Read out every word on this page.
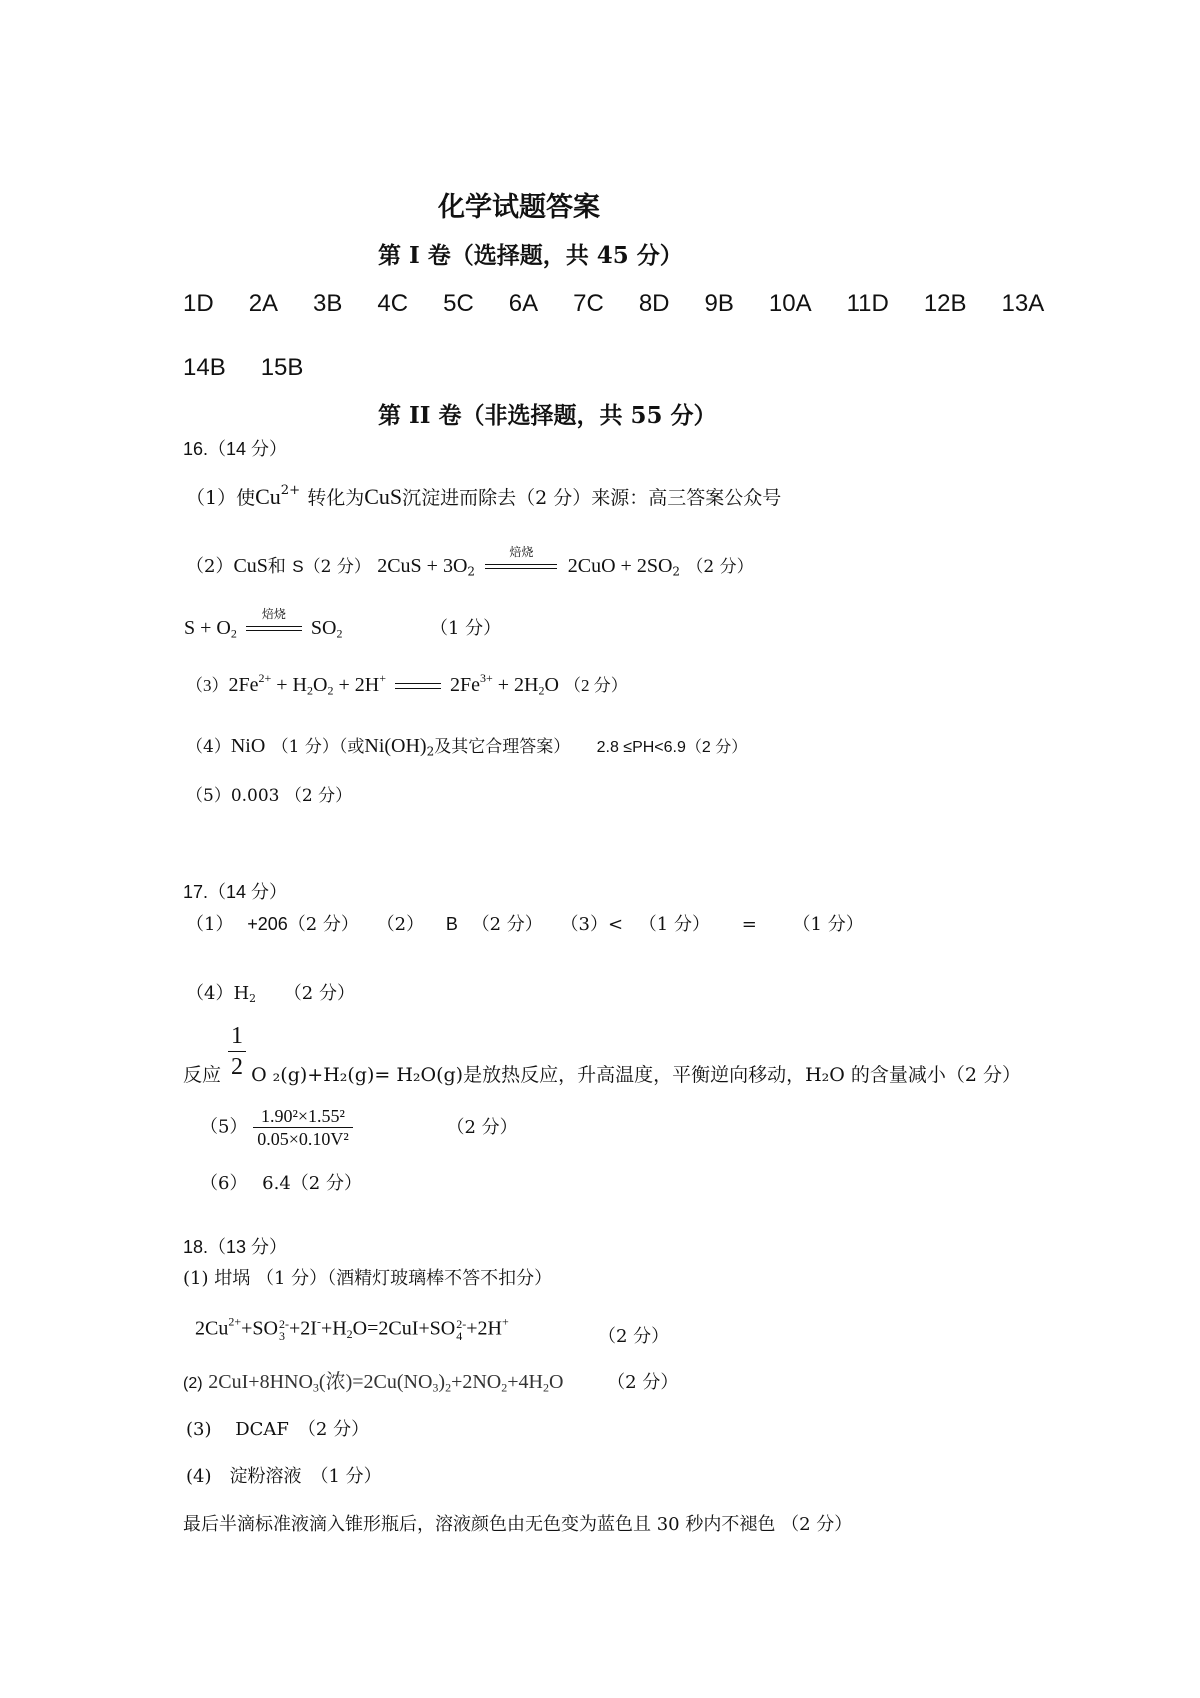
化学试题答案
第 I 卷（选择题，共 45 分）
1D 2A 3B 4C 5C 6A 7C 8D 9B 10A 11D 12B 13A
14B 15B
第 II 卷（非选择题，共 55 分）
16.（14 分）
（1）使$Cu^{2+}$ 转化为CuS沉淀进而除去（2 分）来源：高三答案公众号
（2）CuS和 S（2 分） $2CuS + 3O_2$
焙烧
$2CuO + 2SO_2$ （2 分）
$S + O_2$
焙烧
$SO_2$	（1 分）
$(3)2Fe^{2+} + H_2O_2 + 2H^+$	$2Fe^{3+} + 2H_2O$ （2 分）
（4）NiO （1 分）（或$Ni(OH)_2$及其它合理答案） 2.8 ≤PH<6.9（2 分）
（5）0.003 （2 分）
17.（14 分）
（1） +206（2 分） （2） B （2 分） （3）< （1 分） = （1 分）
$(4)H_2$ （2 分）
$\frac{1}{2}$
反应 O ₂(g)+H₂(g)= H₂O(g)是放热反应，升高温度，平衡逆向移动，H₂O 的含量减小（2 分）
$(5) \frac{\text{1.90²×1.55²}}{\text{0.05×0.10V²}}$	（2 分）
（6）　 6.4（2 分）
18.（13 分）
(1) 坩埚 （1 分）（酒精灯玻璃棒不答不扣分）
$2Cu^{2+}+SO$ 2-
$3 +2I^-+H_2O=2CuI+SO$ 2-
4 +2H+
（2 分）
(2) $2CuI+8HNO_3$(浓)$=2Cu(NO_3)_2+2NO_2+4H_2O$ （2 分）
(3)　 DCAF　（2 分）
(4)　淀粉溶液　（1 分）
最后半滴标准液滴入锥形瓶后，溶液颜色由无色变为蓝色且 30 秒内不褪色 （2 分）
